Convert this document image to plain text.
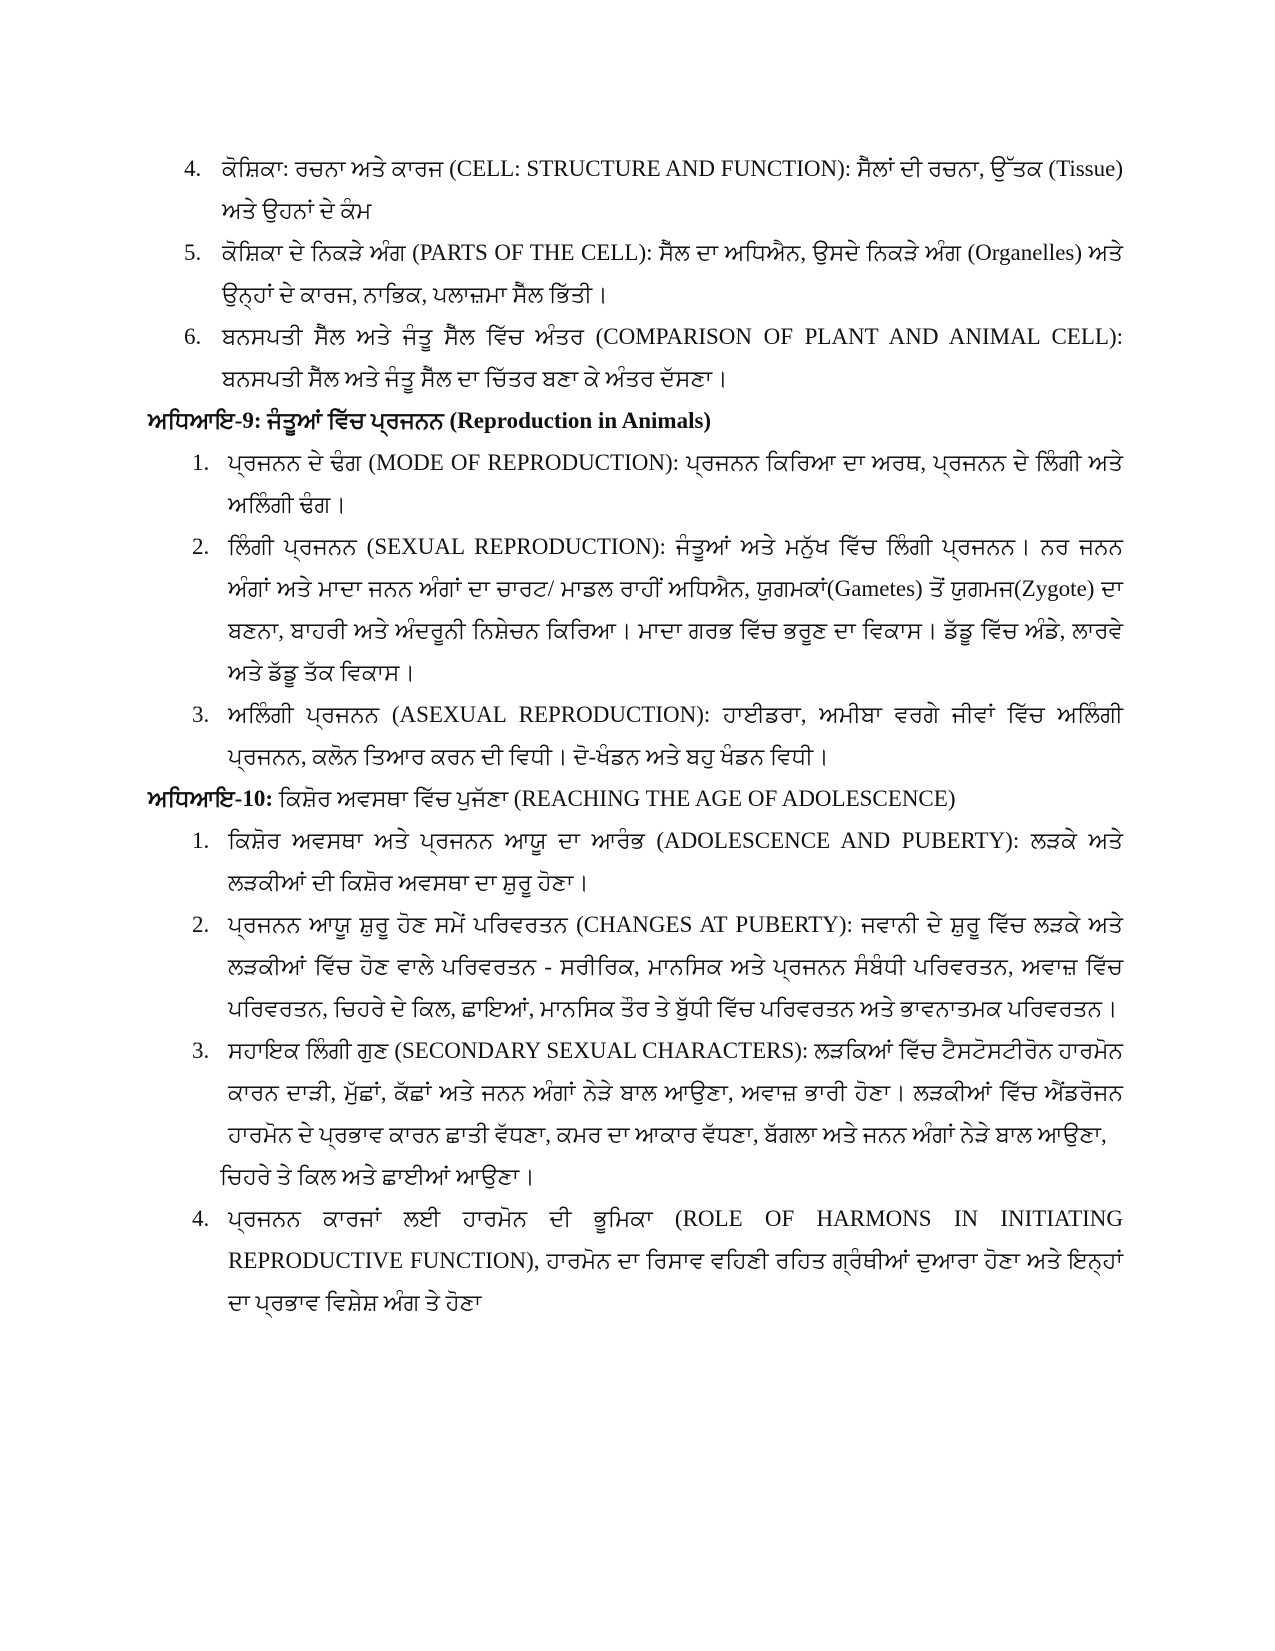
4. ਕੋਸ਼ਿਕਾ: ਰਚਨਾ ਅਤੇ ਕਾਰਜ (CELL: STRUCTURE AND FUNCTION): ਸੈੱਲਾਂ ਦੀ ਰਚਨਾ, ਉੱਤਕ (Tissue) ਅਤੇ ਉਹਨਾਂ ਦੇ ਕੰਮ
5. ਕੋਸ਼ਿਕਾ ਦੇ ਨਿਕੜੇ ਅੰਗ (PARTS OF THE CELL): ਸੈੱਲ ਦਾ ਅਧਿਐਨ, ਉਸਦੇ ਨਿਕੜੇ ਅੰਗ (Organelles) ਅਤੇ ਉਨ੍ਹਾਂ ਦੇ ਕਾਰਜ, ਨਾਭਿਕ, ਪਲਾਜ਼ਮਾ ਸੈੱਲ ਭਿੱਤੀ।
6. ਬਨਸਪਤੀ ਸੈੱਲ ਅਤੇ ਜੰਤੂ ਸੈੱਲ ਵਿੱਚ ਅੰਤਰ (COMPARISON OF PLANT AND ANIMAL CELL): ਬਨਸਪਤੀ ਸੈੱਲ ਅਤੇ ਜੰਤੂ ਸੈੱਲ ਦਾ ਚਿੱਤਰ ਬਣਾ ਕੇ ਅੰਤਰ ਦੱਸਣਾ।
ਅਧਿਆਇ-9: ਜੰਤੂਆਂ ਵਿੱਚ ਪ੍ਰਜਨਨ (Reproduction in Animals)
1. ਪ੍ਰਜਨਨ ਦੇ ਢੰਗ (MODE OF REPRODUCTION): ਪ੍ਰਜਨਨ ਕਿਰਿਆ ਦਾ ਅਰਥ, ਪ੍ਰਜਨਨ ਦੇ ਲਿੰਗੀ ਅਤੇ ਅਲਿੰਗੀ ਢੰਗ।
2. ਲਿੰਗੀ ਪ੍ਰਜਨਨ (SEXUAL REPRODUCTION): ਜੰਤੂਆਂ ਅਤੇ ਮਨੁੱਖ ਵਿੱਚ ਲਿੰਗੀ ਪ੍ਰਜਨਨ। ਨਰ ਜਨਨ ਅੰਗਾਂ ਅਤੇ ਮਾਦਾ ਜਨਨ ਅੰਗਾਂ ਦਾ ਚਾਰਟ/ ਮਾਡਲ ਰਾਹੀਂ ਅਧਿਐਨ, ਯੁਗਮਕਾਂ(Gametes) ਤੋਂ ਯੁਗਮਜ(Zygote) ਦਾ ਬਣਨਾ, ਬਾਹਰੀ ਅਤੇ ਅੰਦਰੂਨੀ ਨਿਸ਼ੇਚਨ ਕਿਰਿਆ। ਮਾਦਾ ਗਰਭ ਵਿੱਚ ਭਰੂਣ ਦਾ ਵਿਕਾਸ। ਡੱਡੂ ਵਿੱਚ ਅੰਡੇ, ਲਾਰਵੇ ਅਤੇ ਡੱਡੂ ਤੱਕ ਵਿਕਾਸ।
3. ਅਲਿੰਗੀ ਪ੍ਰਜਨਨ (ASEXUAL REPRODUCTION): ਹਾਈਡਰਾ, ਅਮੀਬਾ ਵਰਗੇ ਜੀਵਾਂ ਵਿੱਚ ਅਲਿੰਗੀ ਪ੍ਰਜਨਨ, ਕਲੋਨ ਤਿਆਰ ਕਰਨ ਦੀ ਵਿਧੀ। ਦੋ-ਖੰਡਨ ਅਤੇ ਬਹੁ ਖੰਡਨ ਵਿਧੀ।
ਅਧਿਆਇ-10: ਕਿਸ਼ੋਰ ਅਵਸਥਾ ਵਿੱਚ ਪੁਜੱਣਾ (REACHING THE AGE OF ADOLESCENCE)
1. ਕਿਸ਼ੋਰ ਅਵਸਥਾ ਅਤੇ ਪ੍ਰਜਨਨ ਆਯੂ ਦਾ ਆਰੰਭ (ADOLESCENCE AND PUBERTY): ਲੜਕੇ ਅਤੇ ਲੜਕੀਆਂ ਦੀ ਕਿਸ਼ੋਰ ਅਵਸਥਾ ਦਾ ਸ਼ੁਰੂ ਹੋਣਾ।
2. ਪ੍ਰਜਨਨ ਆਯੂ ਸ਼ੁਰੂ ਹੋਣ ਸਮੇਂ ਪਰਿਵਰਤਨ (CHANGES AT PUBERTY): ਜਵਾਨੀ ਦੇ ਸ਼ੁਰੂ ਵਿੱਚ ਲੜਕੇ ਅਤੇ ਲੜਕੀਆਂ ਵਿੱਚ ਹੋਣ ਵਾਲੇ ਪਰਿਵਰਤਨ - ਸਰੀਰਿਕ, ਮਾਨਸਿਕ ਅਤੇ ਪ੍ਰਜਨਨ ਸੰਬੰਧੀ ਪਰਿਵਰਤਨ, ਅਵਾਜ਼ ਵਿੱਚ ਪਰਿਵਰਤਨ, ਚਿਹਰੇ ਦੇ ਕਿਲ, ਛਾਇਆਂ, ਮਾਨਸਿਕ ਤੌਰ ਤੇ ਬੁੱਧੀ ਵਿੱਚ ਪਰਿਵਰਤਨ ਅਤੇ ਭਾਵਨਾਤਮਕ ਪਰਿਵਰਤਨ।
3. ਸਹਾਇਕ ਲਿੰਗੀ ਗੁਣ (SECONDARY SEXUAL CHARACTERS): ਲੜਕਿਆਂ ਵਿੱਚ ਟੈਸਟੋਸਟੀਰੋਨ ਹਾਰਮੋਨ ਕਾਰਨ ਦਾੜੀ, ਮੁੱਛਾਂ, ਕੱਛਾਂ ਅਤੇ ਜਨਨ ਅੰਗਾਂ ਨੇੜੇ ਬਾਲ ਆਉਣਾ, ਅਵਾਜ਼ ਭਾਰੀ ਹੋਣਾ। ਲੜਕੀਆਂ ਵਿੱਚ ਐਂਡਰੋਜਨ ਹਾਰਮੋਨ ਦੇ ਪ੍ਰਭਾਵ ਕਾਰਨ ਛਾਤੀ ਵੱਧਣਾ, ਕਮਰ ਦਾ ਆਕਾਰ ਵੱਧਣਾ, ਬੱਗਲਾ ਅਤੇ ਜਨਨ ਅੰਗਾਂ ਨੇੜੇ ਬਾਲ ਆਉਣਾ,
ਚਿਹਰੇ ਤੇ ਕਿਲ ਅਤੇ ਛਾਈਆਂ ਆਉਣਾ।
4. ਪ੍ਰਜਨਨ ਕਾਰਜਾਂ ਲਈ ਹਾਰਮੋਨ ਦੀ ਭੂਮਿਕਾ (ROLE OF HARMONS IN INITIATING REPRODUCTIVE FUNCTION), ਹਾਰਮੋਨ ਦਾ ਰਿਸਾਵ ਵਹਿਣੀ ਰਹਿਤ ਗ੍ਰੰਥੀਆਂ ਦੁਆਰਾ ਹੋਣਾ ਅਤੇ ਇਨ੍ਹਾਂ ਦਾ ਪ੍ਰਭਾਵ ਵਿਸ਼ੇਸ਼ ਅੰਗ ਤੇ ਹੋਣਾ
